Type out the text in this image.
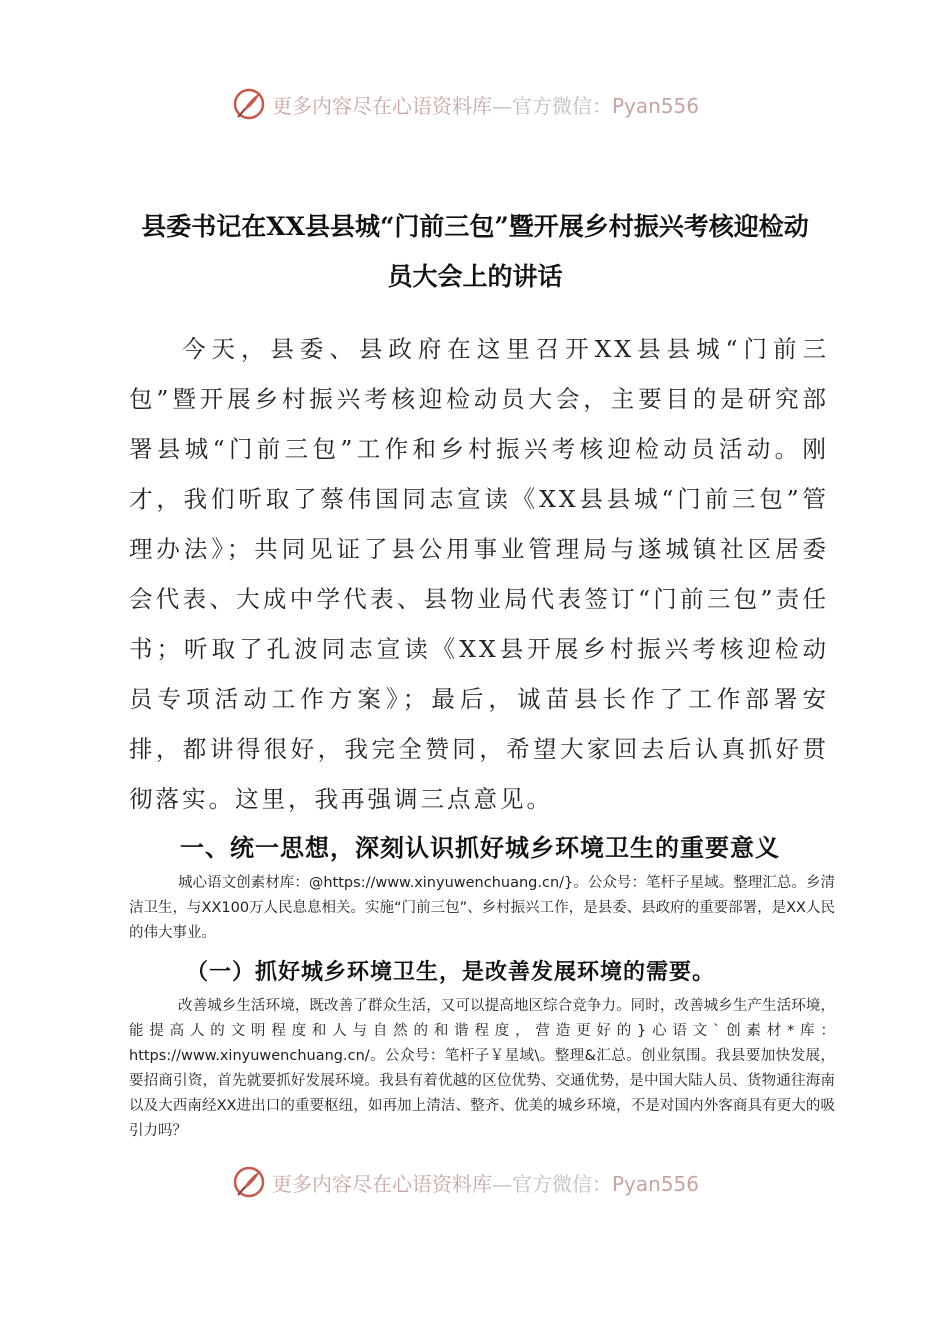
更多内容尽在心语资料库—官方微信：Pyan556
县委书记在XX县县城“门前三包”暨开展乡村振兴考核迎检动
员大会上的讲话

今天，县委、县政府在这里召开XX县县城“门前三包”暨开展乡村振兴考核迎检动员大会，主要目的是研究部署县城“门前三包”工作和乡村振兴考核迎检动员活动。刚才，我们听取了蔡伟国同志宣读《XX县县城“门前三包”管理办法》；共同见证了县公用事业管理局与遂城镇社区居委会代表、大成中学代表、县物业局代表签订“门前三包”责任书；听取了孔波同志宣读《XX县开展乡村振兴考核迎检动员专项活动工作方案》；最后，诚苗县长作了工作部署安排，都讲得很好，我完全赞同，希望大家回去后认真抓好贯彻落实。这里，我再强调三点意见。

一、统一思想，深刻认识抓好城乡环境卫生的重要意义

城心语文创素材库：@https://www.xinyuwenchuang.cn/}。公众号：笔杆子星域。整理汇总。乡清洁卫生，与XX100万人民息息相关。实施“门前三包”、乡村振兴工作，是县委、县政府的重要部署，是XX人民的伟大事业。

（一）抓好城乡环境卫生，是改善发展环境的需要。

改善城乡生活环境，既改善了群众生活，又可以提高地区综合竞争力。同时，改善城乡生产生活环境，能提高人的文明程度和人与自然的和谐程度，营造更好的}心语文`创素材*库：https://www.xinyuwenchuang.cn/。公众号：笔杆子￥星域\。整理&汇总。创业氛围。我县要加快发展，要招商引资，首先就要抓好发展环境。我县有着优越的区位优势、交通优势，是中国大陆人员、货物通往海南以及大西南经XX进出口的重要枢纽，如再加上清洁、整齐、优美的城乡环境，不是对国内外客商具有更大的吸引力吗？

更多内容尽在心语资料库—官方微信：Pyan556
